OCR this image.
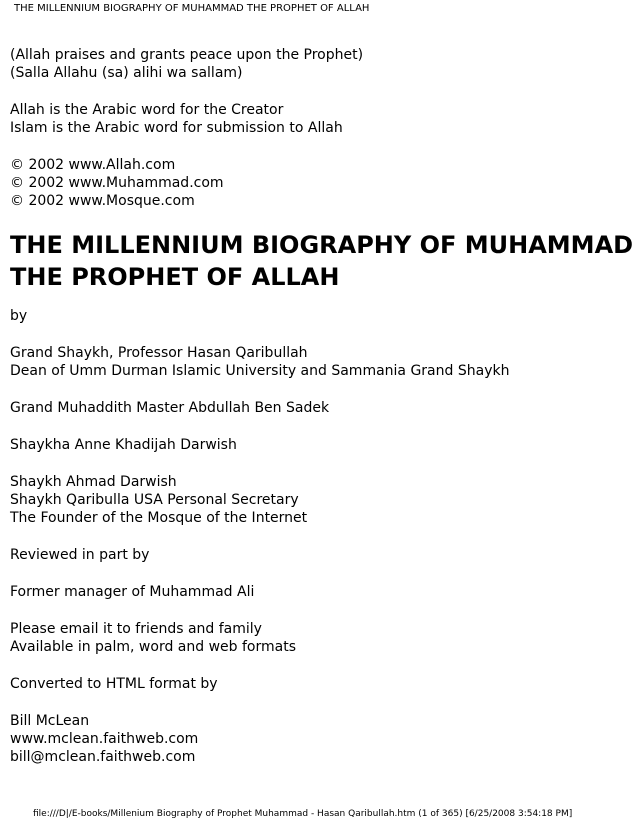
THE MILLENNIUM BIOGRAPHY OF MUHAMMAD THE PROPHET OF ALLAH
(Allah praises and grants peace upon the Prophet)
(Salla Allahu (sa) alihi wa sallam)
Allah is the Arabic word for the Creator
Islam is the Arabic word for submission to Allah
© 2002 www.Allah.com
© 2002 www.Muhammad.com
© 2002 www.Mosque.com
THE MILLENNIUM BIOGRAPHY OF MUHAMMAD
THE PROPHET OF ALLAH
by
Grand Shaykh, Professor Hasan Qaribullah
Dean of Umm Durman Islamic University and Sammania Grand Shaykh
Grand Muhaddith Master Abdullah Ben Sadek
Shaykha Anne Khadijah Darwish
Shaykh Ahmad Darwish
Shaykh Qaribulla USA Personal Secretary
The Founder of the Mosque of the Internet
Reviewed in part by
Former manager of Muhammad Ali
Please email it to friends and family
Available in palm, word and web formats
Converted to HTML format by
Bill McLean
www.mclean.faithweb.com
bill@mclean.faithweb.com
file:///D|/E-books/Millenium Biography of Prophet Muhammad - Hasan Qaribullah.htm (1 of 365) [6/25/2008 3:54:18 PM]
